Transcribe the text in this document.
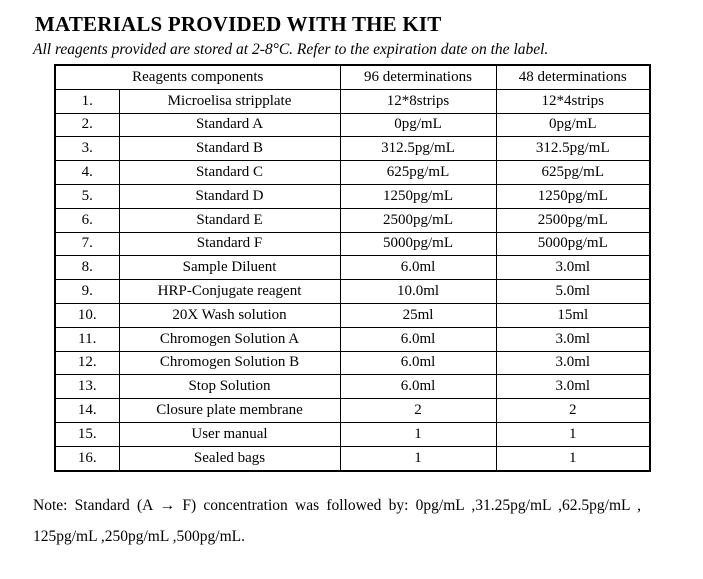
MATERIALS PROVIDED WITH THE KIT
All reagents provided are stored at 2-8°C. Refer to the expiration date on the label.
Reagents components		96 determinations	48 determinations
1.	Microelisa stripplate	12*8strips	12*4strips
2.	Standard A	0pg/mL	0pg/mL
3.	Standard B	312.5pg/mL	312.5pg/mL
4.	Standard C	625pg/mL	625pg/mL
5.	Standard D	1250pg/mL	1250pg/mL
6.	Standard E	2500pg/mL	2500pg/mL
7.	Standard F	5000pg/mL	5000pg/mL
8.	Sample Diluent	6.0ml	3.0ml
9.	HRP-Conjugate reagent	10.0ml	5.0ml
10.	20X Wash solution	25ml	15ml
11.	Chromogen Solution A	6.0ml	3.0ml
12.	Chromogen Solution B	6.0ml	3.0ml
13.	Stop Solution	6.0ml	3.0ml
14.	Closure plate membrane	2	2
15.	User manual	1	1
16.	Sealed bags	1	1
Note: Standard (A → F) concentration was followed by: 0pg/mL ,31.25pg/mL ,62.5pg/mL ,
125pg/mL ,250pg/mL ,500pg/mL.
